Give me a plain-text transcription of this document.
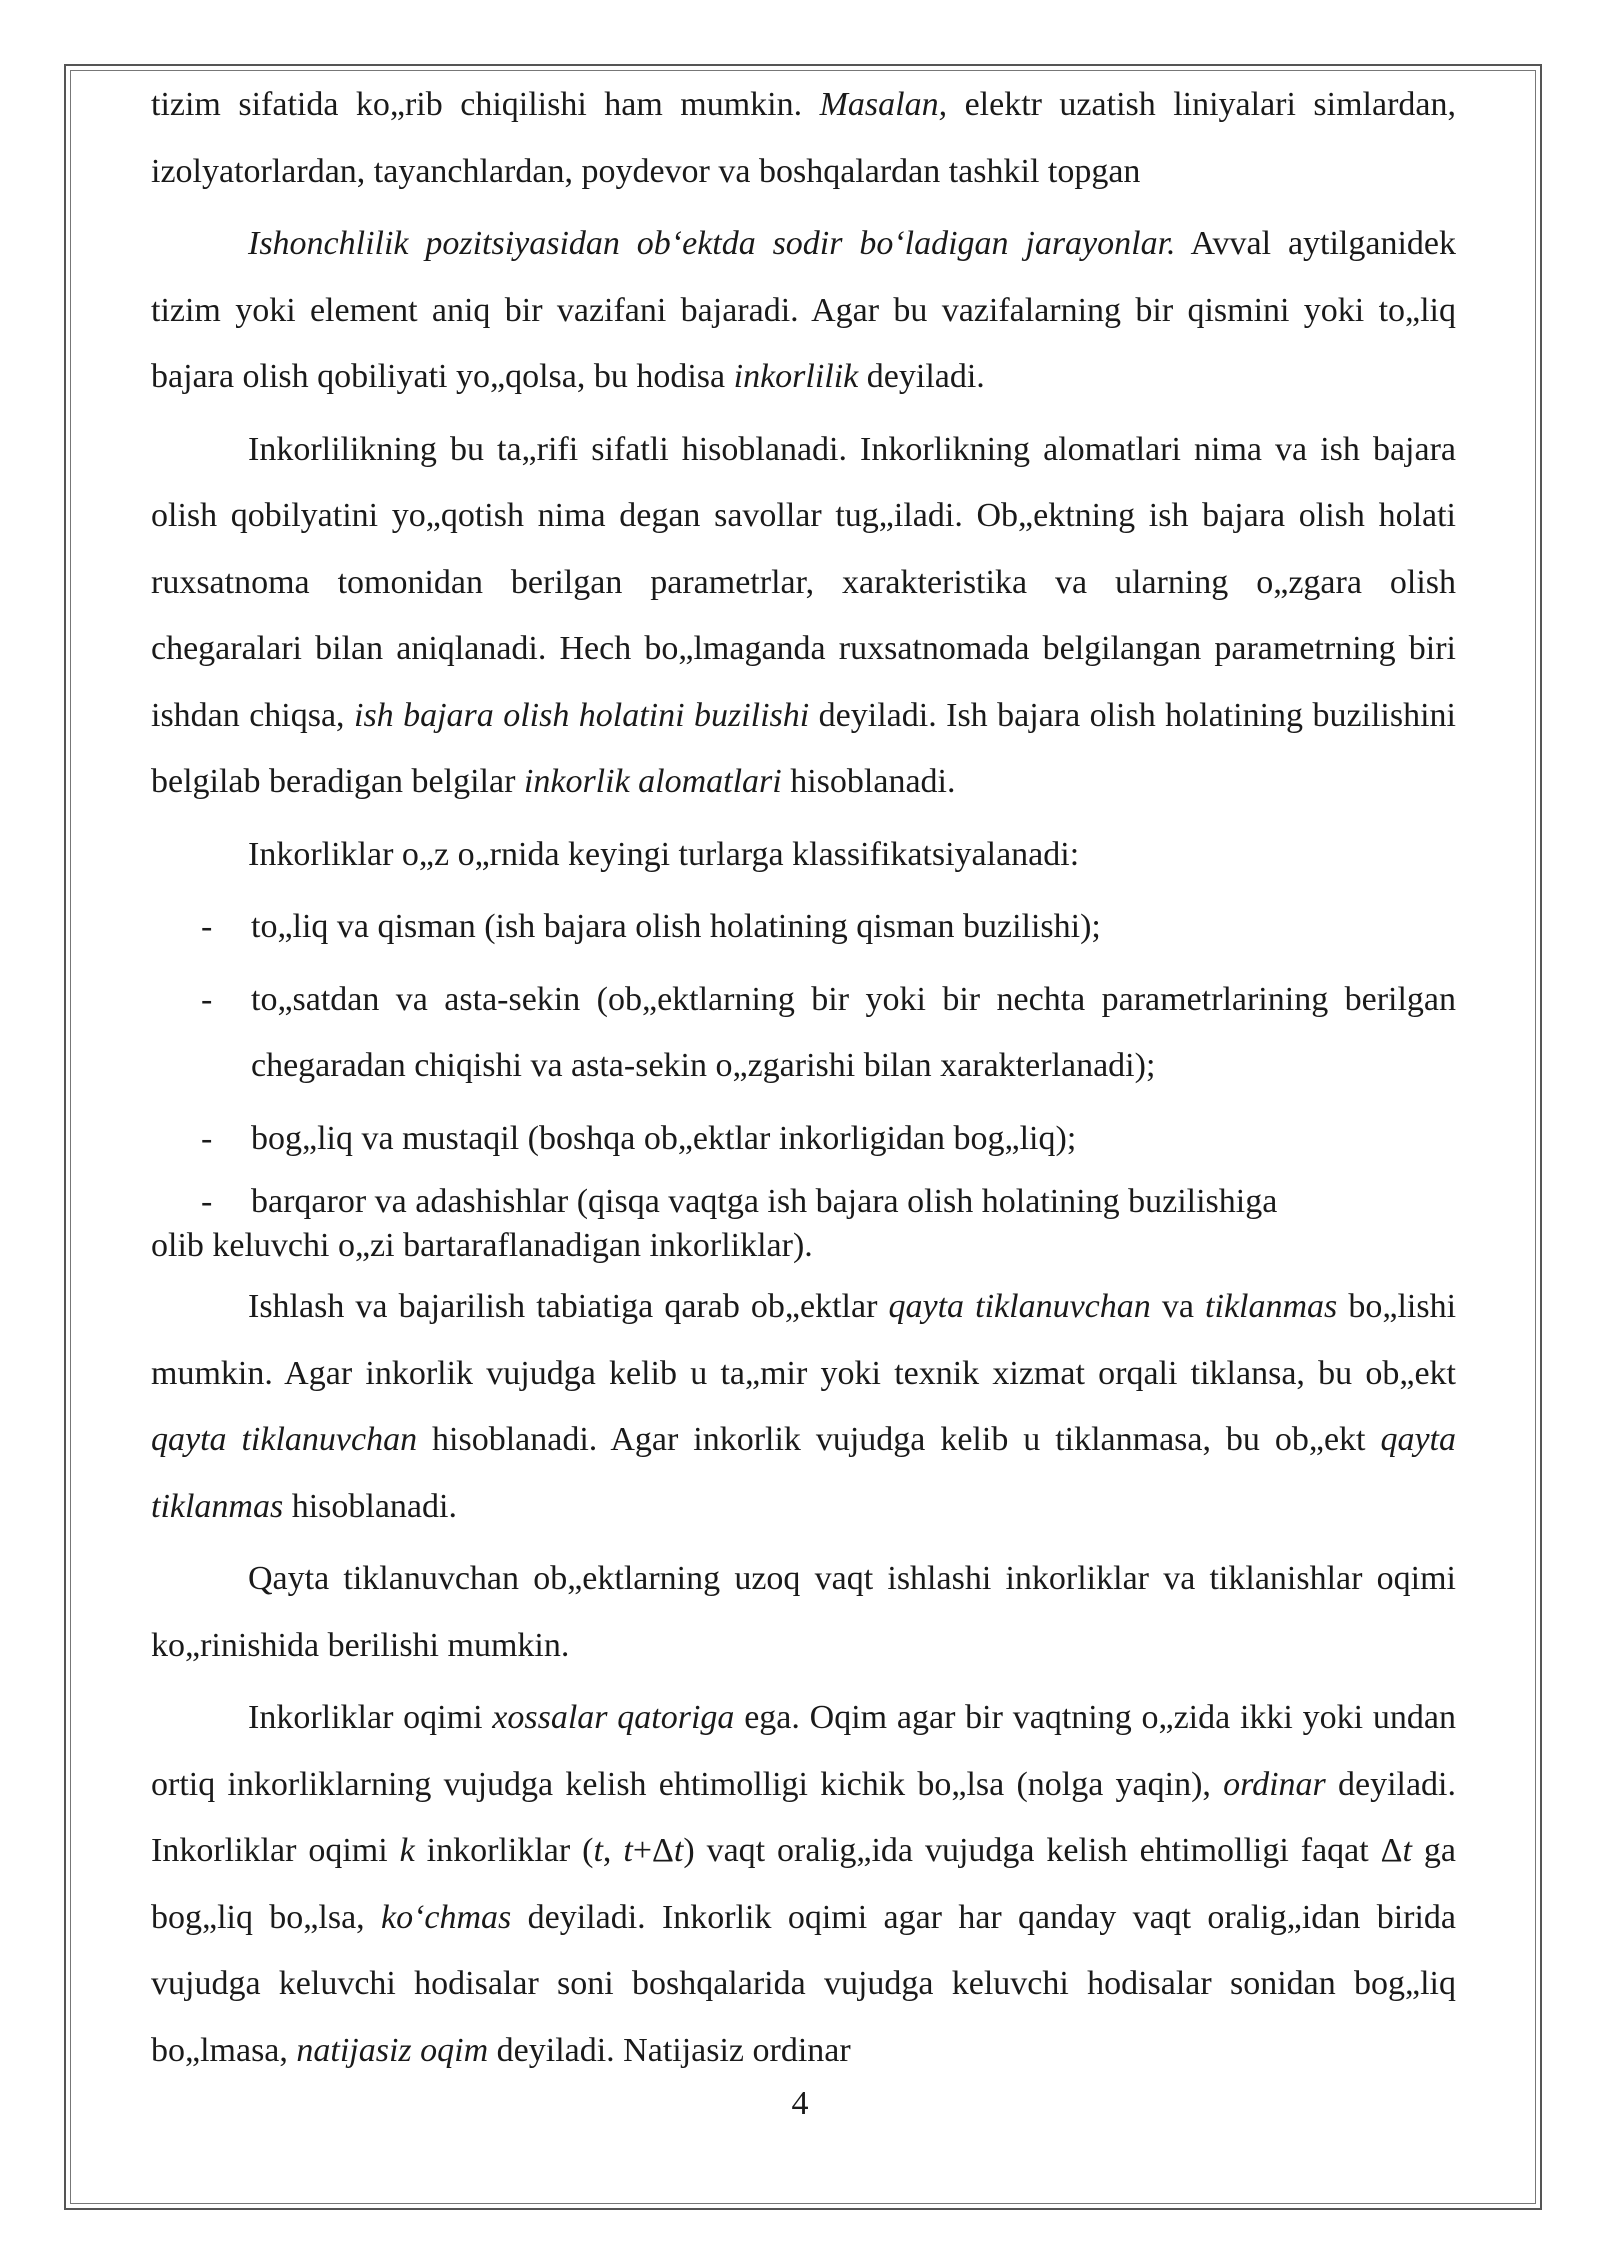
tizim sifatida ko„rib chiqilishi ham mumkin. Masalan, elektr uzatish liniyalari simlardan, izolyatorlardan, tayanchlardan, poydevor va boshqalardan tashkil topgan
Ishonchlilik pozitsiyasidan ob‘ektda sodir bo‘ladigan jarayonlar. Avval aytilganidek tizim yoki element aniq bir vazifani bajaradi. Agar bu vazifalarning bir qismini yoki to„liq bajara olish qobiliyati yo„qolsa, bu hodisa inkorlilik deyiladi.
Inkorlilikning bu ta„rifi sifatli hisoblanadi. Inkorlikning alomatlari nima va ish bajara olish qobilyatini yo„qotish nima degan savollar tug„iladi. Ob„ektning ish bajara olish holati ruxsatnoma tomonidan berilgan parametrlar, xarakteristika va ularning o„zgara olish chegaralari bilan aniqlanadi. Hech bo„lmaganda ruxsatnomada belgilangan parametrning biri ishdan chiqsa, ish bajara olish holatini buzilishi deyiladi. Ish bajara olish holatining buzilishini belgilab beradigan belgilar inkorlik alomatlari hisoblanadi.
Inkorliklar o„z o„rnida keyingi turlarga klassifikatsiyalanadi:
- to„liq va qisman (ish bajara olish holatining qisman buzilishi);
- to„satdan va asta-sekin (ob„ektlarning bir yoki bir nechta parametrlarining berilgan chegaradan chiqishi va asta-sekin o„zgarishi bilan xarakterlanadi);
- bog„liq va mustaqil (boshqa ob„ektlar inkorligidan bog„liq);
- barqaror va adashishlar (qisqa vaqtga ish bajara olish holatining buzilishiga
olib keluvchi o„zi bartaraflanadigan inkorliklar).
Ishlash va bajarilish tabiatiga qarab ob„ektlar qayta tiklanuvchan va tiklanmas bo„lishi mumkin. Agar inkorlik vujudga kelib u ta„mir yoki texnik xizmat orqali tiklansa, bu ob„ekt qayta tiklanuvchan hisoblanadi. Agar inkorlik vujudga kelib u tiklanmasa, bu ob„ekt qayta tiklanmas hisoblanadi.
Qayta tiklanuvchan ob„ektlarning uzoq vaqt ishlashi inkorliklar va tiklanishlar oqimi ko„rinishida berilishi mumkin.
Inkorliklar oqimi xossalar qatoriga ega. Oqim agar bir vaqtning o„zida ikki yoki undan ortiq inkorliklarning vujudga kelish ehtimolligi kichik bo„lsa (nolga yaqin), ordinar deyiladi. Inkorliklar oqimi k inkorliklar (t, t+Δt) vaqt oralig„ida vujudga kelish ehtimolligi faqat Δt ga bog„liq bo„lsa, ko‘chmas deyiladi. Inkorlik oqimi agar har qanday vaqt oralig„idan birida vujudga keluvchi hodisalar soni boshqalarida vujudga keluvchi hodisalar sonidan bog„liq bo„lmasa, natijasiz oqim deyiladi. Natijasiz ordinar
4
